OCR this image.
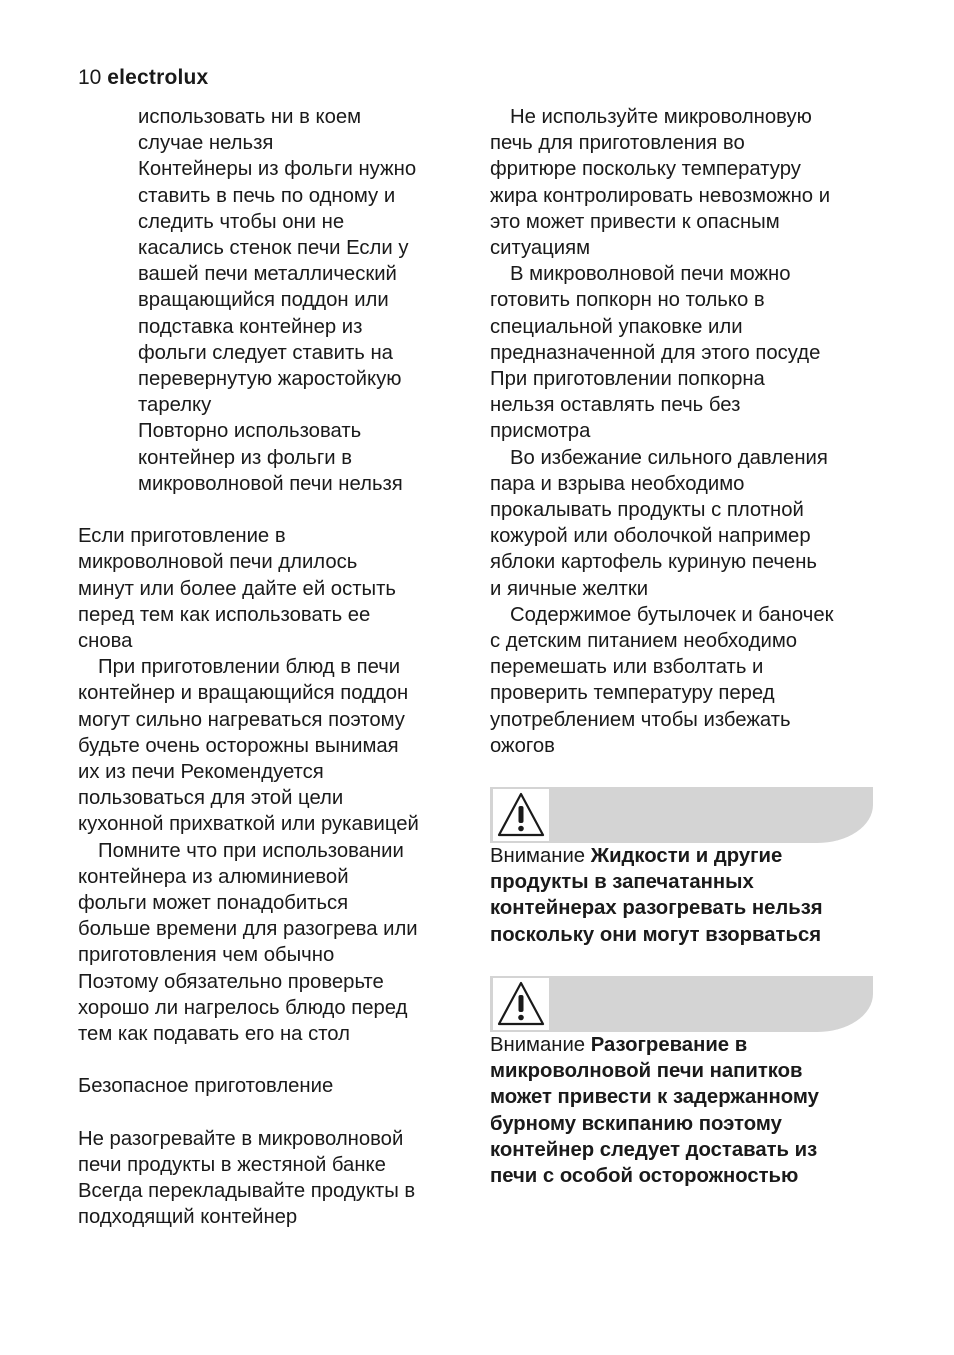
10 electrolux

использовать ни в коем

случае нельзя

Контейнеры из фольги нужно

ставить в печь по одному и

следить чтобы они не

касались стенок печи Если у

вашей печи металлический

вращающийся поддон или

подставка контейнер из

фольги следует ставить на

перевернутую жаростойкую

тарелку

Повторно использовать

контейнер из фольги в

микроволновой печи нельзя

Если приготовление в

микроволновой печи длилось

минут или более дайте ей остыть

перед тем как использовать ее

снова

При приготовлении блюд в печи

контейнер и вращающийся поддон

могут сильно нагреваться поэтому

будьте очень осторожны вынимая

их из печи Рекомендуется

пользоваться для этой цели

кухонной прихваткой или рукавицей

Помните что при использовании

контейнера из алюминиевой

фольги может понадобиться

больше времени для разогрева или

приготовления чем обычно

Поэтому обязательно проверьте

хорошо ли нагрелось блюдо перед

тем как подавать его на стол

Безопасное приготовление

Не разогревайте в микроволновой

печи продукты в жестяной банке

Всегда перекладывайте продукты в

подходящий контейнер

Не используйте микроволновую

печь для приготовления во

фритюре поскольку температуру

жира контролировать невозможно и

это может привести к опасным

ситуациям

В микроволновой печи можно

готовить попкорн но только в

специальной упаковке или

предназначенной для этого посуде

При приготовлении попкорна

нельзя оставлять печь без

присмотра

Во избежание сильного давления

пара и взрыва необходимо

прокалывать продукты с плотной

кожурой или оболочкой например

яблоки картофель куриную печень

и яичные желтки

Содержимое бутылочек и баночек

с детским питанием необходимо

перемешать или взболтать и

проверить температуру перед

употреблением чтобы избежать

ожогов

Внимание Жидкости и другие

продукты в запечатанных

контейнерах разогревать нельзя

поскольку они могут взорваться

Внимание Разогревание в

микроволновой печи напитков

может привести к задержанному

бурному вскипанию поэтому

контейнер следует доставать из

печи с особой осторожностью
